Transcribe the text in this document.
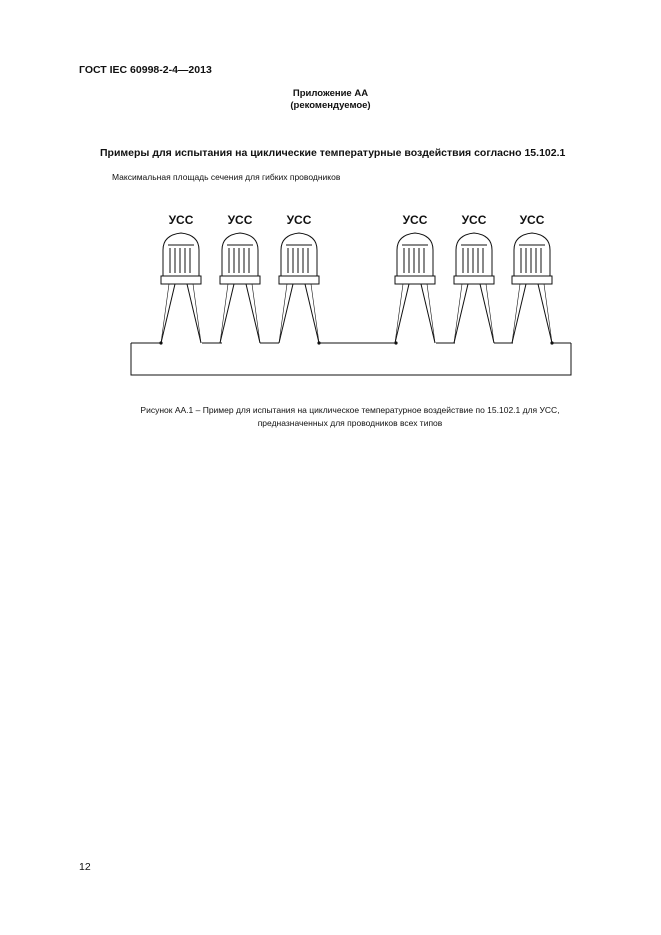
ГОСТ IEC 60998-2-4—2013
Приложение АА
(рекомендуемое)
Примеры для испытания на циклические температурные воздействия согласно 15.102.1
Максимальная площадь сечения для гибких проводников
УСС	УСС	УСС	УСС	УСС	УСС
Рисунок АА.1 – Пример для испытания на циклическое температурное воздействие по 15.102.1 для УСС,
предназначенных для проводников всех типов
12
